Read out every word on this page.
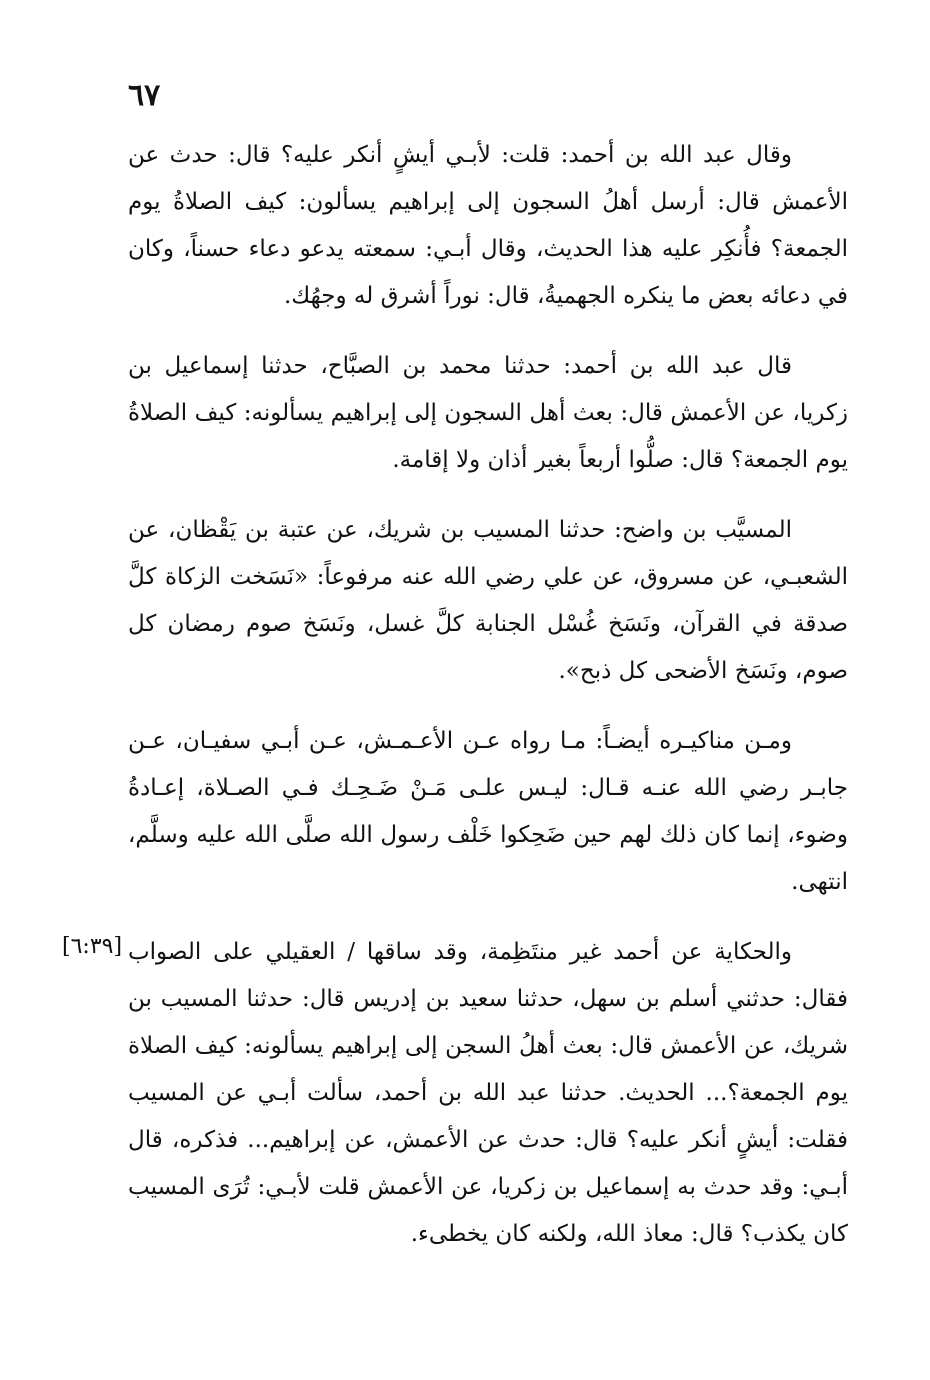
٦٧
[٦:٣٩]
وقال عبد الله بن أحمد: قلت: لأبـي أيشٍ أنكر عليه؟ قال: حدث عن
الأعمش قال: أرسل أهلُ السجون إلى إبراهيم يسألون: كيف الصلاةُ يوم
الجمعة؟ فأُنكِر عليه هذا الحديث، وقال أبـي: سمعته يدعو دعاء حسناً، وكان
في دعائه بعض ما ينكره الجهميةُ، قال: نوراً أشرق له وجهُك.
قال عبد الله بن أحمد: حدثنا محمد بن الصبَّاح، حدثنا إسماعيل بن
زكريا، عن الأعمش قال: بعث أهل السجون إلى إبراهيم يسألونه: كيف الصلاةُ
يوم الجمعة؟ قال: صلُّوا أربعاً بغير أذان ولا إقامة.
المسيَّب بن واضح: حدثنا المسيب بن شريك، عن عتبة بن يَقْظان، عن
الشعبـي، عن مسروق، عن علي رضي الله عنه مرفوعاً: «نَسَخت الزكاة كلَّ
صدقة في القرآن، ونَسَخ غُسْل الجنابة كلَّ غسل، ونَسَخ صوم رمضان كل
صوم، ونَسَخ الأضحى كل ذبح».
ومـن مناكيـره أيضـاً: مـا رواه عـن الأعـمـش، عـن أبـي سفيـان، عـن
جابـر رضي الله عنـه قـال: ليـس علـى مَـنْ ضَـحِـك فـي الصـلاة، إعـادةُ
وضوء، إنما كان ذلك لهم حين ضَحِكوا خَلْف رسول الله صلَّى الله عليه وسلَّم،
انتهى.
والحكاية عن أحمد غير منتَظِمة، وقد ساقها / العقيلي على الصواب
فقال: حدثني أسلم بن سهل، حدثنا سعيد بن إدريس قال: حدثنا المسيب بن
شريك، عن الأعمش قال: بعث أهلُ السجن إلى إبراهيم يسألونه: كيف الصلاة
يوم الجمعة؟... الحديث. حدثنا عبد الله بن أحمد، سألت أبـي عن المسيب
فقلت: أيشٍ أنكر عليه؟ قال: حدث عن الأعمش، عن إبراهيم... فذكره، قال
أبـي: وقد حدث به إسماعيل بن زكريا، عن الأعمش قلت لأبـي: تُرَى المسيب
كان يكذب؟ قال: معاذ الله، ولكنه كان يخطىء.
